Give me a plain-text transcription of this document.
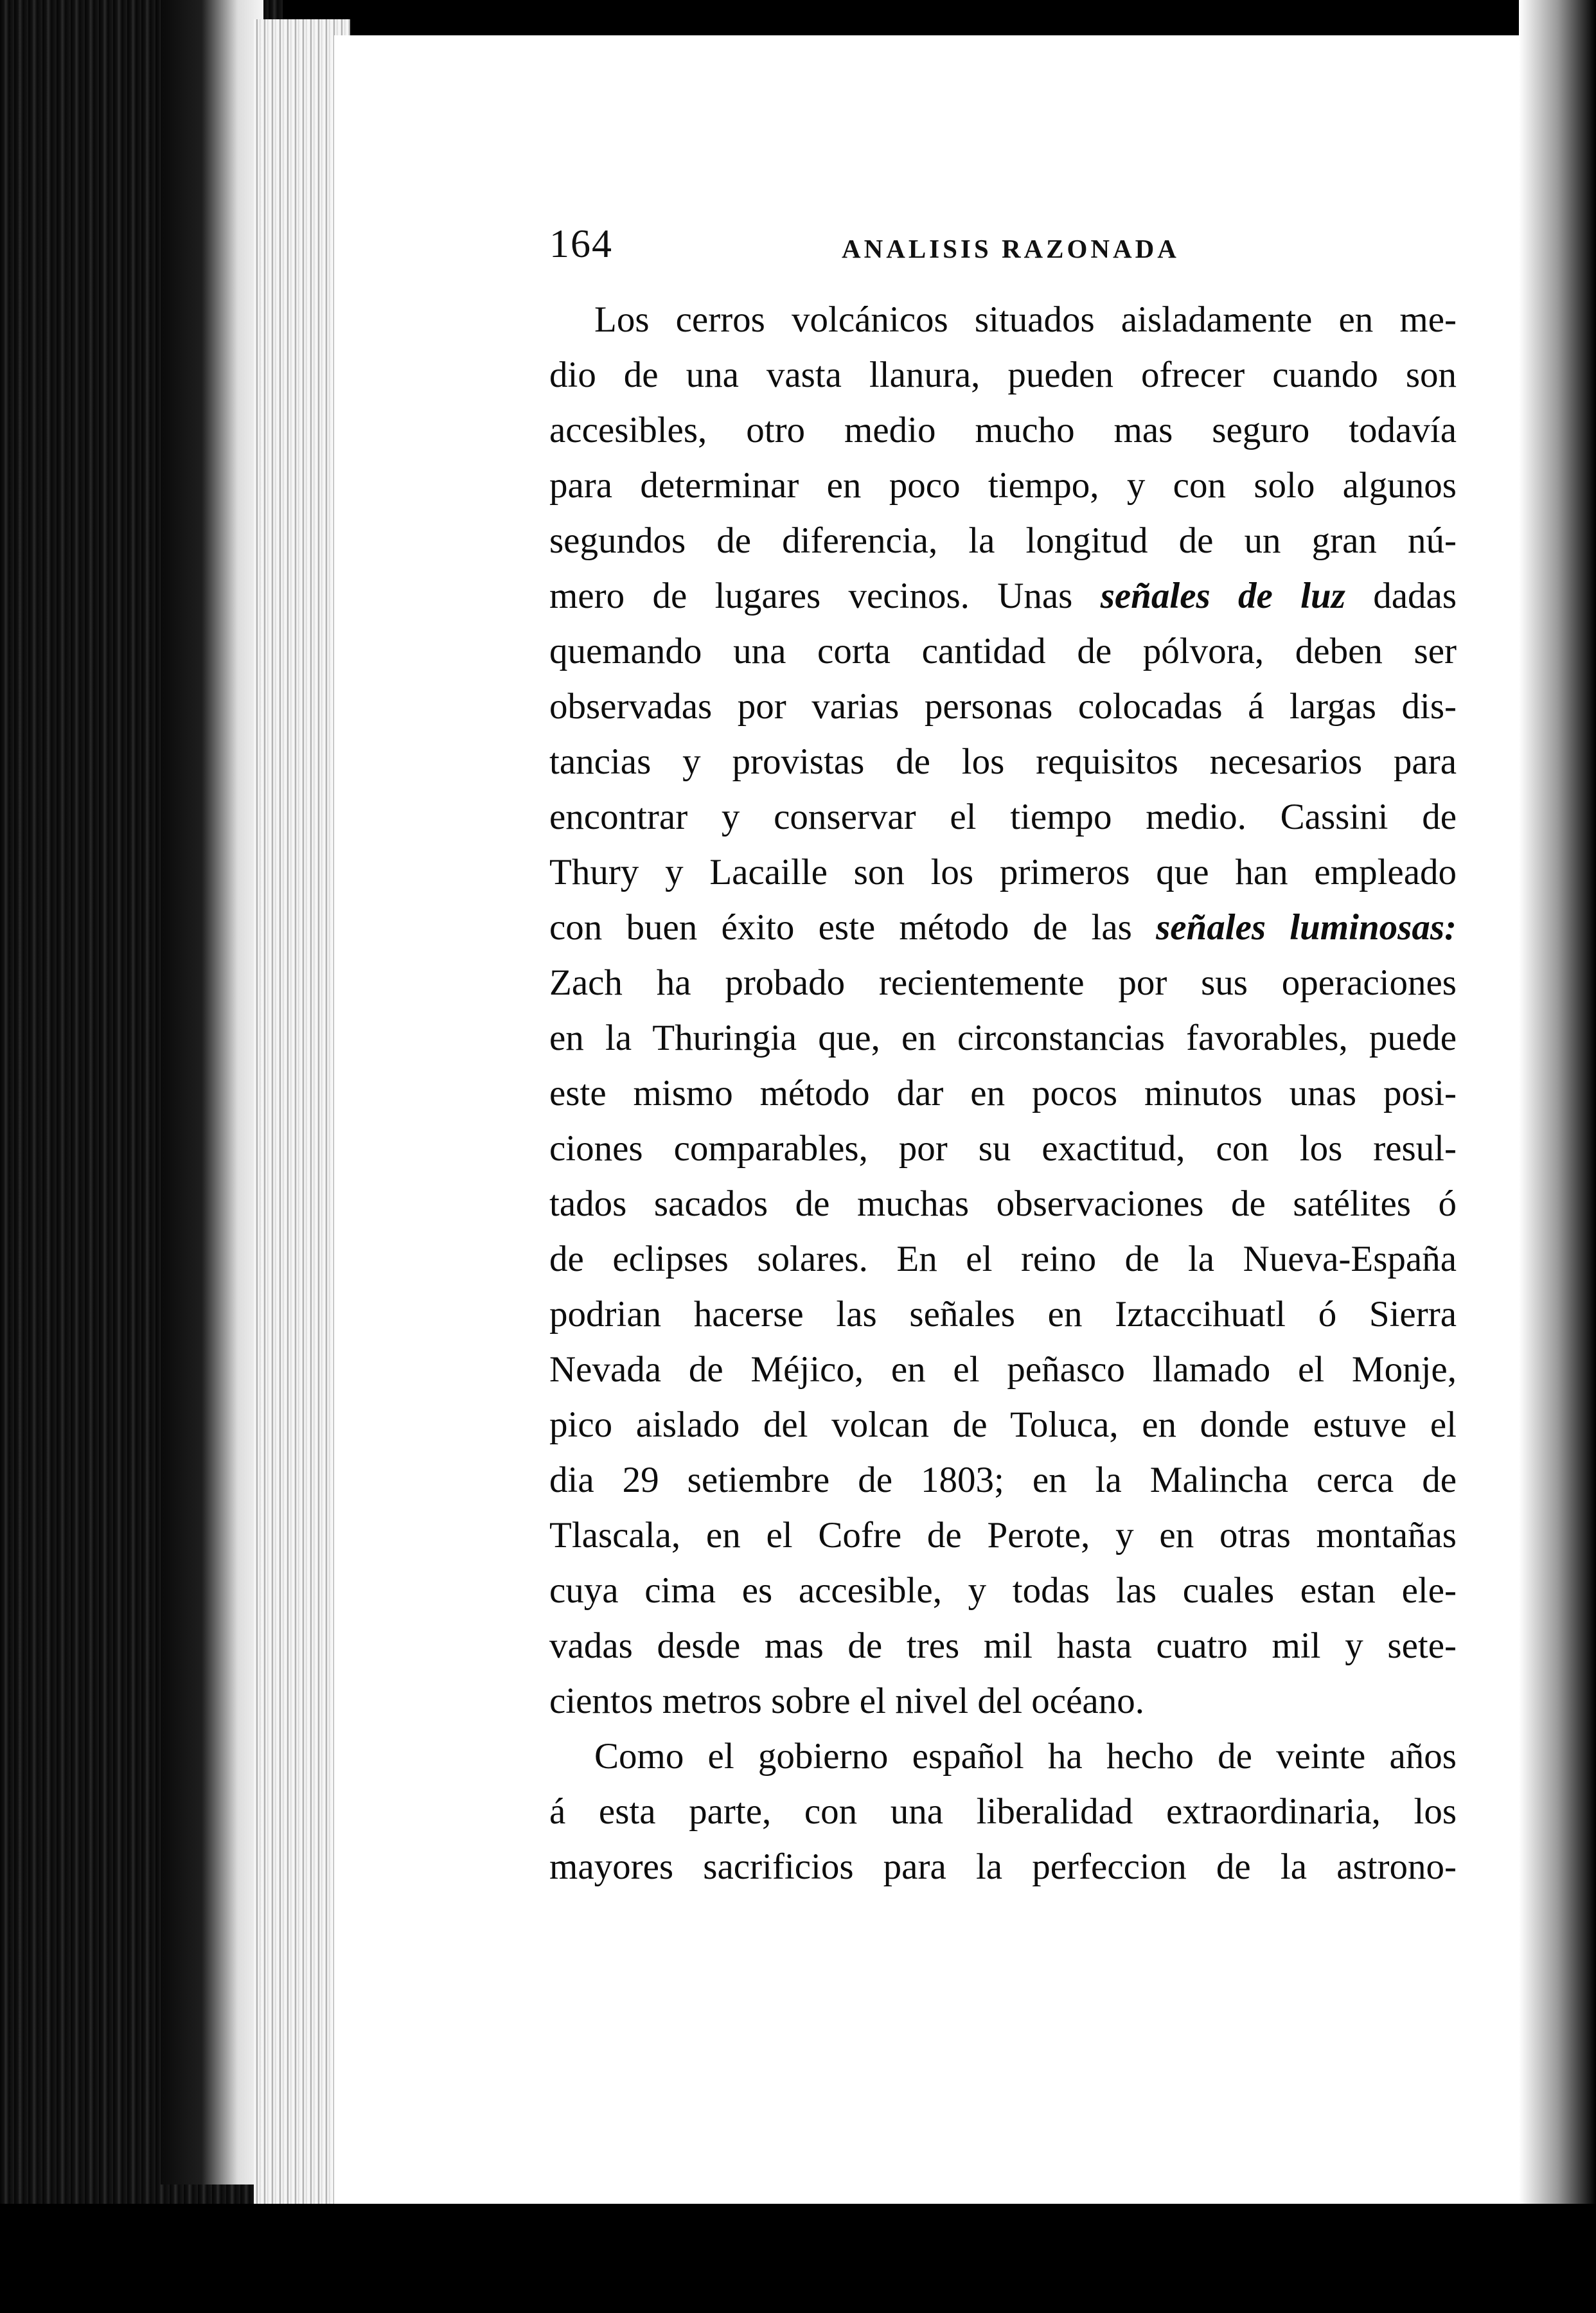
164	ANALISIS RAZONADA
Los cerros volcánicos situados aisladamente en me-
dio de una vasta llanura, pueden ofrecer cuando son
accesibles, otro medio mucho mas seguro todavía
para determinar en poco tiempo, y con solo algunos
segundos de diferencia, la longitud de un gran nú-
mero de lugares vecinos. Unas señales de luz dadas
quemando una corta cantidad de pólvora, deben ser
observadas por varias personas colocadas á largas dis-
tancias y provistas de los requisitos necesarios para
encontrar y conservar el tiempo medio. Cassini de
Thury y Lacaille son los primeros que han empleado
con buen éxito este método de las señales luminosas:
Zach ha probado recientemente por sus operaciones
en la Thuringia que, en circonstancias favorables, puede
este mismo método dar en pocos minutos unas posi-
ciones comparables, por su exactitud, con los resul-
tados sacados de muchas observaciones de satélites ó
de eclipses solares. En el reino de la Nueva-España
podrian hacerse las señales en Iztaccihuatl ó Sierra
Nevada de Méjico, en el peñasco llamado el Monje,
pico aislado del volcan de Toluca, en donde estuve el
dia 29 setiembre de 1803; en la Malincha cerca de
Tlascala, en el Cofre de Perote, y en otras montañas
cuya cima es accesible, y todas las cuales estan ele-
vadas desde mas de tres mil hasta cuatro mil y sete-
cientos metros sobre el nivel del océano.
Como el gobierno español ha hecho de veinte años
á esta parte, con una liberalidad extraordinaria, los
mayores sacrificios para la perfeccion de la astrono-
